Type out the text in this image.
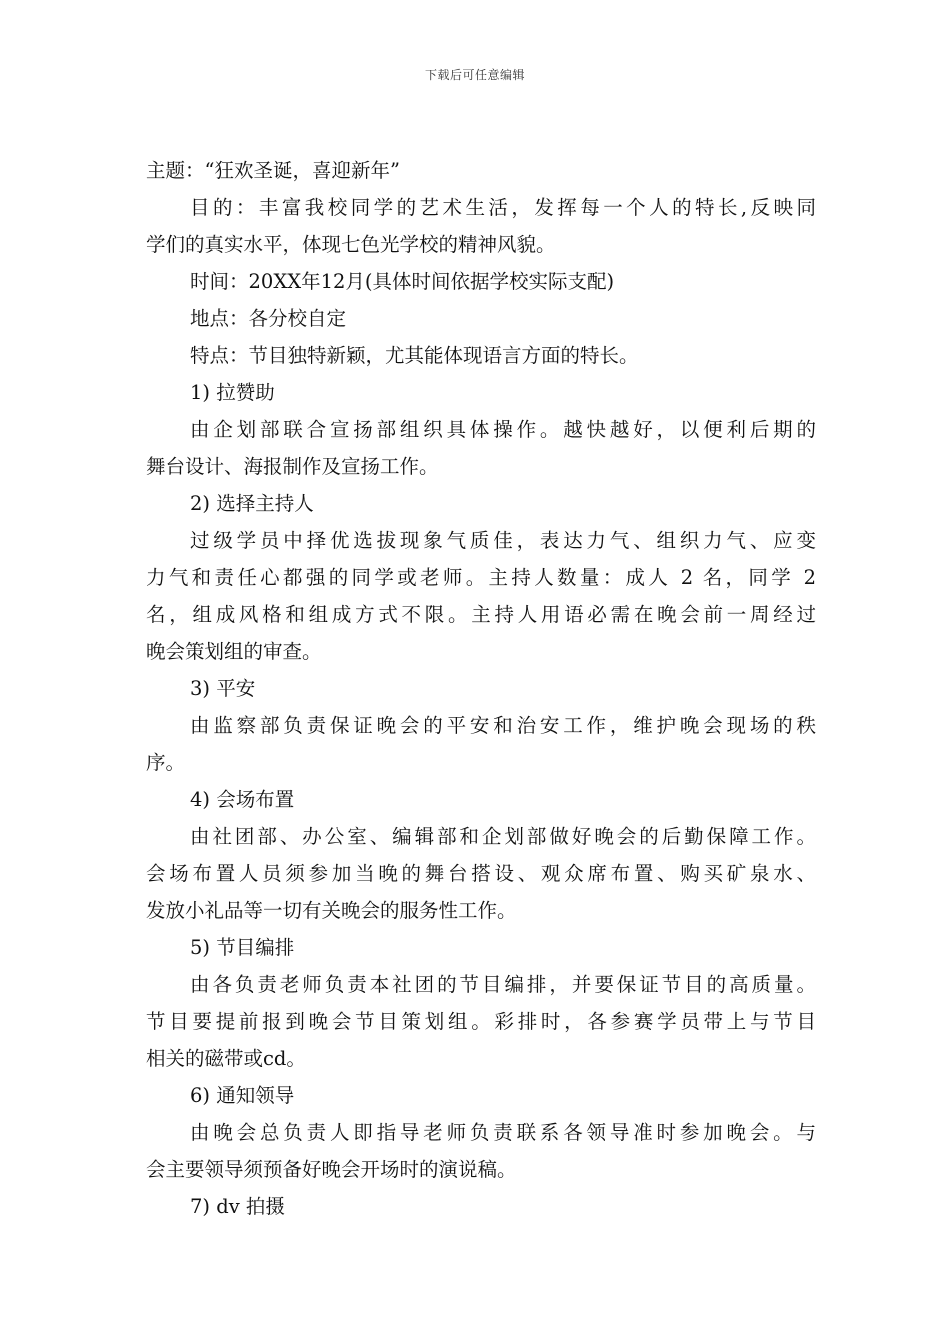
下载后可任意编辑
主题：“狂欢圣诞，喜迎新年”
目的：丰富我校同学的艺术生活，发挥每一个人的特长,反映同
学们的真实水平，体现七色光学校的精神风貌。
时间：20XX年12月(具体时间依据学校实际支配)
地点：各分校自定
特点：节目独特新颖，尤其能体现语言方面的特长。
1) 拉赞助
由企划部联合宣扬部组织具体操作。越快越好，以便利后期的
舞台设计、海报制作及宣扬工作。
2) 选择主持人
过级学员中择优选拔现象气质佳，表达力气、组织力气、应变
力气和责任心都强的同学或老师。主持人数量：成人 2 名，同学 2
名，组成风格和组成方式不限。主持人用语必需在晚会前一周经过
晚会策划组的审查。
3) 平安
由监察部负责保证晚会的平安和治安工作，维护晚会现场的秩
序。
4) 会场布置
由社团部、办公室、编辑部和企划部做好晚会的后勤保障工作。
会场布置人员须参加当晚的舞台搭设、观众席布置、购买矿泉水、
发放小礼品等一切有关晚会的服务性工作。
5) 节目编排
由各负责老师负责本社团的节目编排，并要保证节目的高质量。
节目要提前报到晚会节目策划组。彩排时，各参赛学员带上与节目
相关的磁带或cd。
6) 通知领导
由晚会总负责人即指导老师负责联系各领导准时参加晚会。与
会主要领导须预备好晚会开场时的演说稿。
7) dv 拍摄
